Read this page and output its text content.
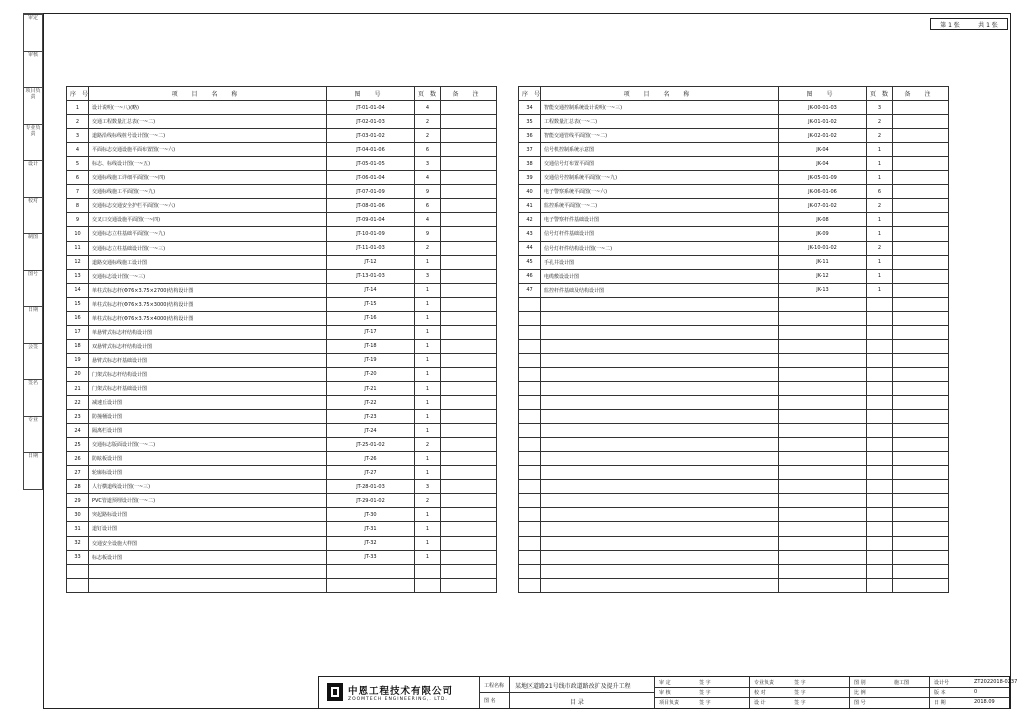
审定
审核
项目负责
专业负责
设计
校对
制图
图号
日期
会签
签名
专业
日期
第 1 张	共 1 张
序号	项 目 名 称	图 号	页数	备 注
1	设计说明(一~八)(略)	JT-01-01-04	4	
2	交通工程数量汇总表(一~二)	JT-02-01-03	2	
3	道路沿线标线桩号设计图(一~二)	JT-03-01-02	2	
4	平面标志交通设施平面布置图(一~六)	JT-04-01-06	6	
5	标志、标线设计图(一~五)	JT-05-01-05	3	
6	交通标线施工详细平面图(一~四)	JT-06-01-04	4	
7	交通标线施工平面图(一~九)	JT-07-01-09	9	
8	交通标志交通安全护栏平面图(一~六)	JT-08-01-06	6	
9	交叉口交通设施平面图(一~四)	JT-09-01-04	4	
10	交通标志立柱基础平面图(一~九)	JT-10-01-09	9	
11	交通标志立柱基础设计图(一~三)	JT-11-01-03	2	
12	道路交通标线施工设计图	JT-12	1	
13	交通标志设计图(一~三)	JT-13-01-03	3	
14	单柱式标志杆(Φ76×3.75×2700)结构设计图	JT-14	1	
15	单柱式标志杆(Φ76×3.75×3000)结构设计图	JT-15	1	
16	单柱式标志杆(Φ76×3.75×4000)结构设计图	JT-16	1	
17	单悬臂式标志杆结构设计图	JT-17	1	
18	双悬臂式标志杆结构设计图	JT-18	1	
19	悬臂式标志杆基础设计图	JT-19	1	
20	门架式标志杆结构设计图	JT-20	1	
21	门架式标志杆基础设计图	JT-21	1	
22	减速丘设计图	JT-22	1	
23	防撞桶设计图	JT-23	1	
24	隔离栏设计图	JT-24	1	
25	交通标志版面设计图(一~二)	JT-25-01-02	2	
26	防眩板设计图	JT-26	1	
27	轮廓标设计图	JT-27	1	
28	人行横道线设计图(一~三)	JT-28-01-03	3	
29	PVC管道预埋设计图(一~二)	JT-29-01-02	2	
30	突起路标设计图	JT-30	1	
31	道钉设计图	JT-31	1	
32	交通安全设施大样图	JT-32	1	
33	标志板设计图	JT-33	1	

序号	项 目 名 称	图 号	页数	备 注
34	智能交通控制系统设计说明(一~三)	JK-00-01-03	3	
35	工程数量汇总表(一~二)	JK-01-01-02	2	
36	智能交通管线平面图(一~二)	JK-02-01-02	2	
37	信号机控制系统示意图	JK-04	1	
38	交通信号灯布置平面图	JK-04	1	
39	交通信号控制系统平面图(一~九)	JK-05-01-09	1	
40	电子警察系统平面图(一~六)	JK-06-01-06	6	
41	监控系统平面图(一~二)	JK-07-01-02	2	
42	电子警察杆件基础设计图	JK-08	1	
43	信号灯杆件基础设计图	JK-09	1	
44	信号灯杆件结构设计图(一~二)	JK-10-01-02	2	
45	手孔井设计图	JK-11	1	
46	电缆敷设设计图	JK-12	1	
47	监控杆件基础及结构设计图	JK-13	1	

中恩工程技术有限公司
ZOOMTECH ENGINEERING,. LTD.
工程名称
图 名
某地区道路21号线市政道路改扩及提升工程
目 录
审 定	签 字
审 核	签 字
项目负责	签 字
专业负责	签 字
校 对	签 字
设 计	签 字
图 别	施工图
比 例
图 号
设计号	ZT2022018-0237
版 本	0
日 期	2018.09
